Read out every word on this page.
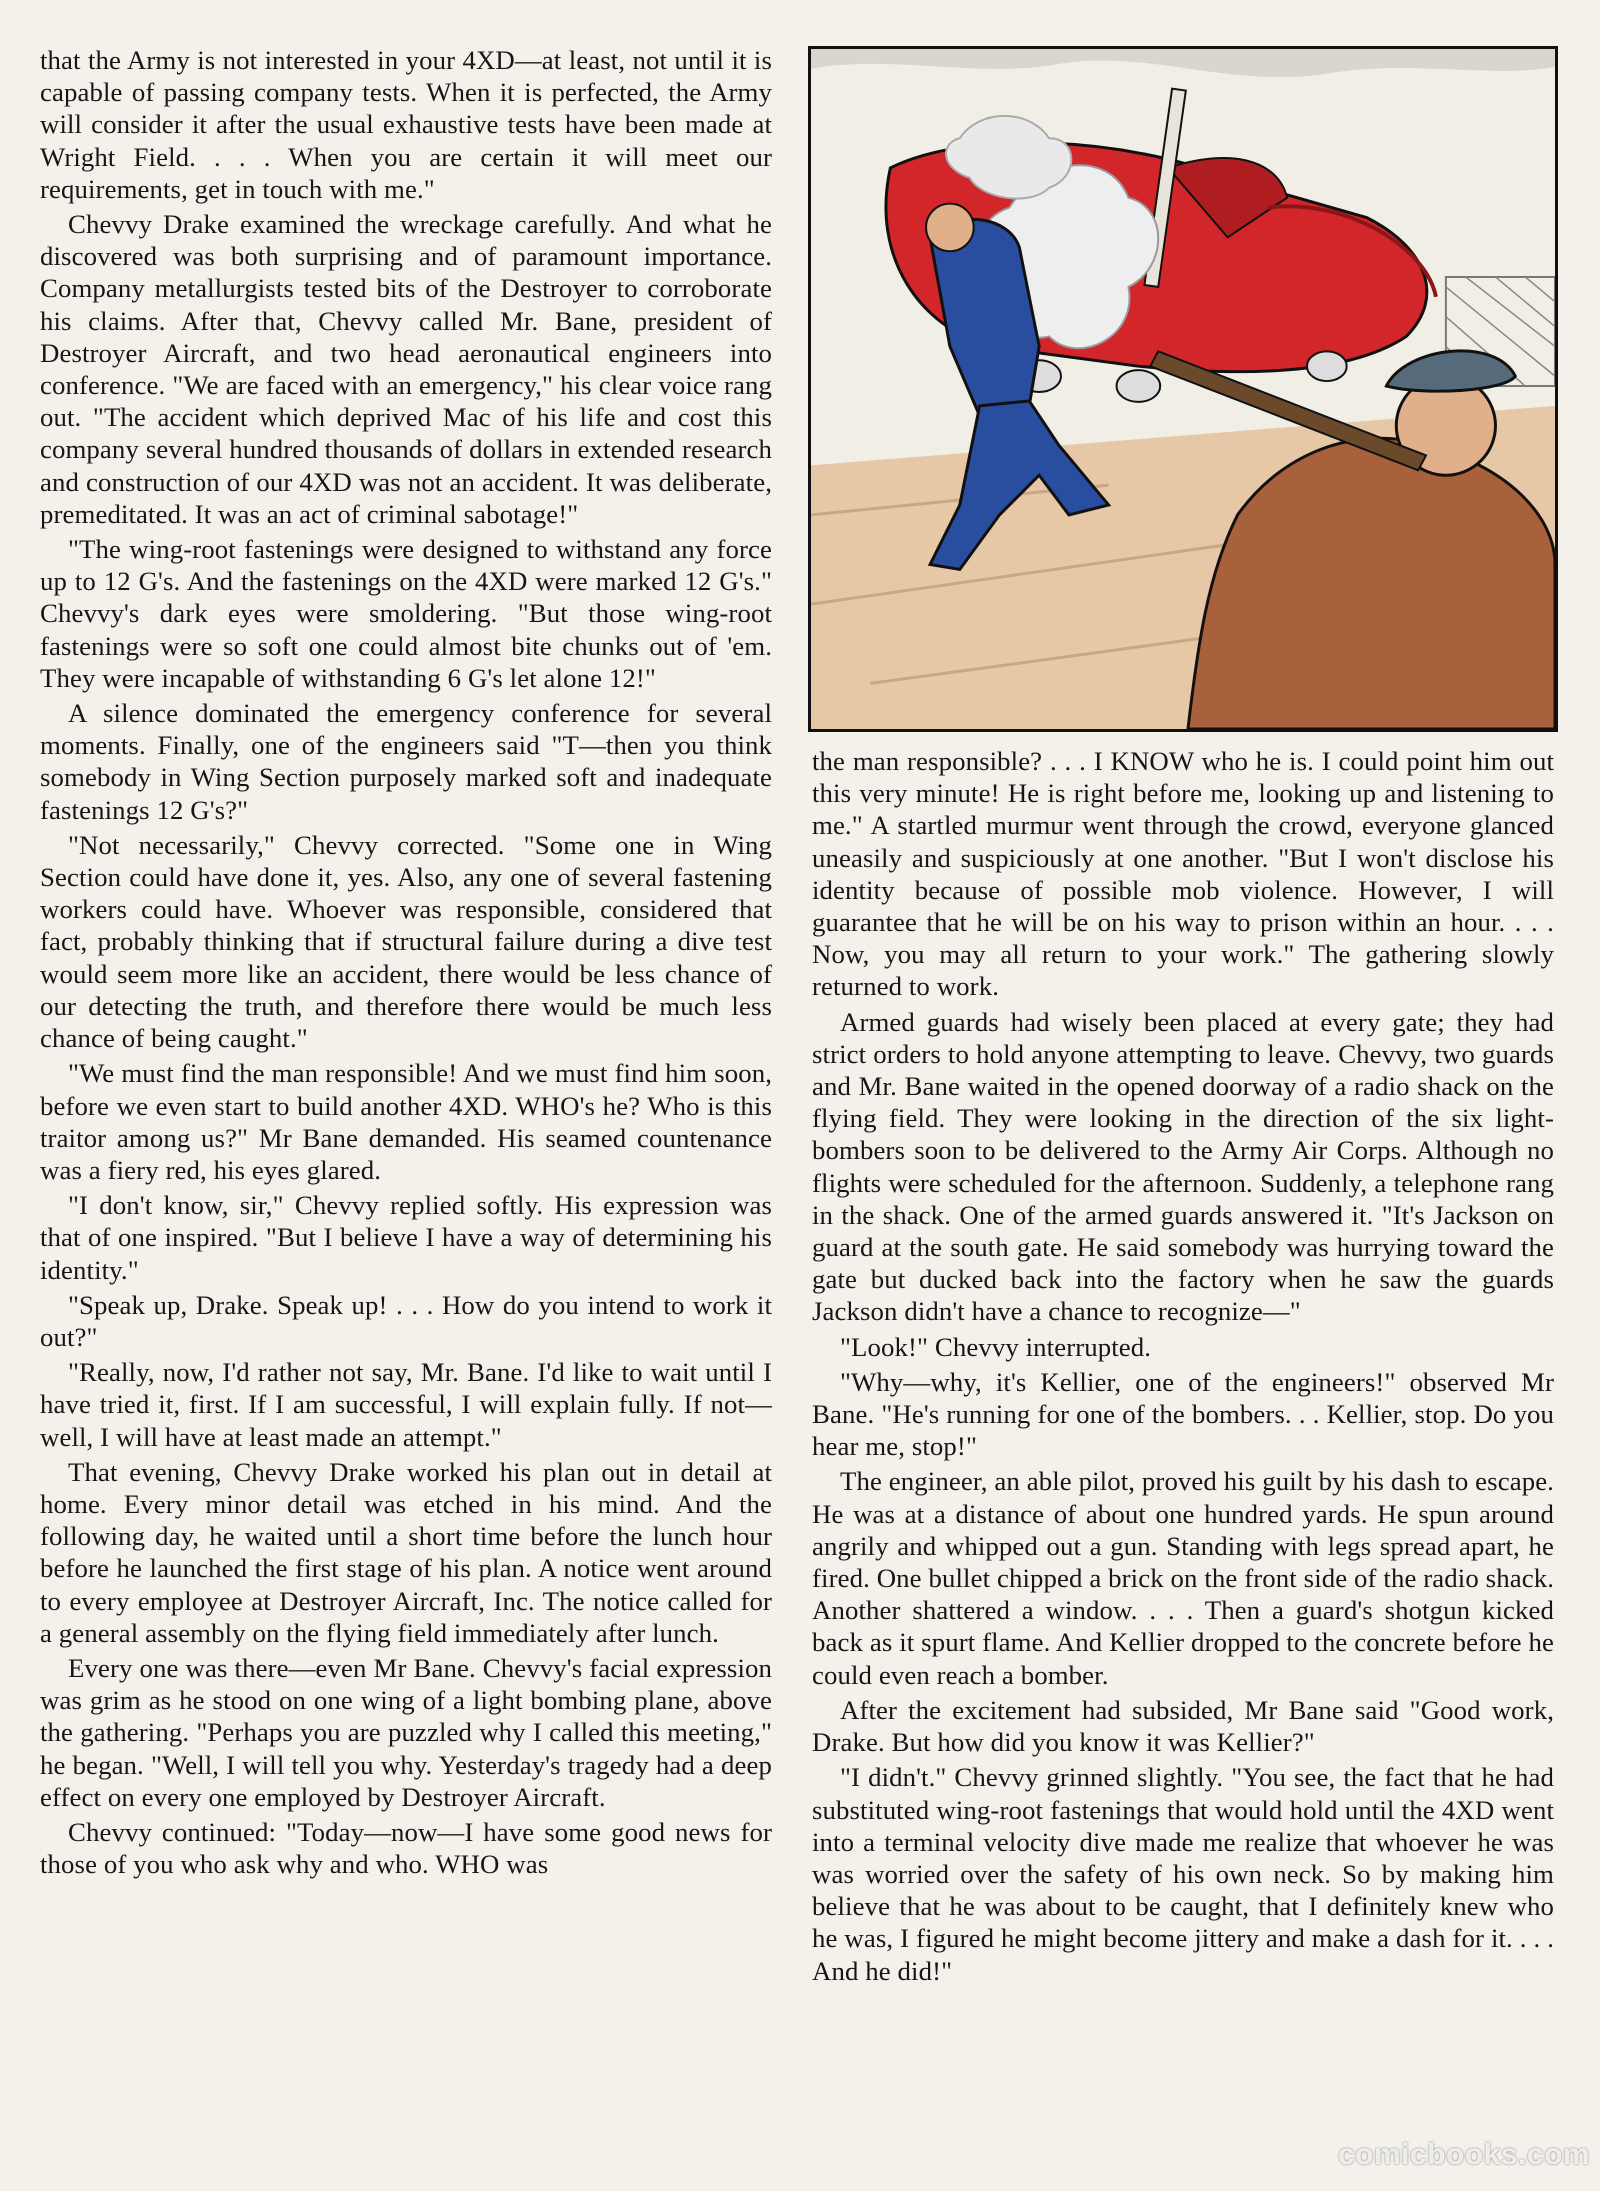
that the Army is not interested in your 4XD—at least, not until it is capable of passing company tests. When it is perfected, the Army will consider it after the usual exhaustive tests have been made at Wright Field. . . . When you are certain it will meet our requirements, get in touch with me."

Chevvy Drake examined the wreckage carefully. And what he discovered was both surprising and of paramount importance. Company metallurgists tested bits of the Destroyer to corroborate his claims. After that, Chevvy called Mr. Bane, president of Destroyer Aircraft, and two head aeronautical engineers into conference. "We are faced with an emergency," his clear voice rang out. "The accident which deprived Mac of his life and cost this company several hundred thousands of dollars in extended research and construction of our 4XD was not an accident. It was deliberate, premeditated. It was an act of criminal sabotage!"

"The wing-root fastenings were designed to withstand any force up to 12 G's. And the fastenings on the 4XD were marked 12 G's." Chevvy's dark eyes were smoldering. "But those wing-root fastenings were so soft one could almost bite chunks out of 'em. They were incapable of withstanding 6 G's let alone 12!"

A silence dominated the emergency conference for several moments. Finally, one of the engineers said "T—then you think somebody in Wing Section purposely marked soft and inadequate fastenings 12 G's?"

"Not necessarily," Chevvy corrected. "Some one in Wing Section could have done it, yes. Also, any one of several fastening workers could have. Whoever was responsible, considered that fact, probably thinking that if structural failure during a dive test would seem more like an accident, there would be less chance of our detecting the truth, and therefore there would be much less chance of being caught."

"We must find the man responsible! And we must find him soon, before we even start to build another 4XD. WHO's he? Who is this traitor among us?" Mr Bane demanded. His seamed countenance was a fiery red, his eyes glared.

"I don't know, sir," Chevvy replied softly. His expression was that of one inspired. "But I believe I have a way of determining his identity."

"Speak up, Drake. Speak up! . . . How do you intend to work it out?"

"Really, now, I'd rather not say, Mr. Bane. I'd like to wait until I have tried it, first. If I am successful, I will explain fully. If not—well, I will have at least made an attempt."

That evening, Chevvy Drake worked his plan out in detail at home. Every minor detail was etched in his mind. And the following day, he waited until a short time before the lunch hour before he launched the first stage of his plan. A notice went around to every employee at Destroyer Aircraft, Inc. The notice called for a general assembly on the flying field immediately after lunch.

Every one was there—even Mr Bane. Chevvy's facial expression was grim as he stood on one wing of a light bombing plane, above the gathering. "Perhaps you are puzzled why I called this meeting," he began. "Well, I will tell you why. Yesterday's tragedy had a deep effect on every one employed by Destroyer Aircraft.

Chevvy continued: "Today—now—I have some good news for those of you who ask why and who. WHO was

the man responsible? . . . I KNOW who he is. I could point him out this very minute! He is right before me, looking up and listening to me." A startled murmur went through the crowd, everyone glanced uneasily and suspiciously at one another. "But I won't disclose his identity because of possible mob violence. However, I will guarantee that he will be on his way to prison within an hour. . . . Now, you may all return to your work." The gathering slowly returned to work.

Armed guards had wisely been placed at every gate; they had strict orders to hold anyone attempting to leave. Chevvy, two guards and Mr. Bane waited in the opened doorway of a radio shack on the flying field. They were looking in the direction of the six light-bombers soon to be delivered to the Army Air Corps. Although no flights were scheduled for the afternoon. Suddenly, a telephone rang in the shack. One of the armed guards answered it. "It's Jackson on guard at the south gate. He said somebody was hurrying toward the gate but ducked back into the factory when he saw the guards Jackson didn't have a chance to recognize—"

"Look!" Chevvy interrupted.

"Why—why, it's Kellier, one of the engineers!" observed Mr Bane. "He's running for one of the bombers. . . Kellier, stop. Do you hear me, stop!"

The engineer, an able pilot, proved his guilt by his dash to escape. He was at a distance of about one hundred yards. He spun around angrily and whipped out a gun. Standing with legs spread apart, he fired. One bullet chipped a brick on the front side of the radio shack. Another shattered a window. . . . Then a guard's shotgun kicked back as it spurt flame. And Kellier dropped to the concrete before he could even reach a bomber.

After the excitement had subsided, Mr Bane said "Good work, Drake. But how did you know it was Kellier?"

"I didn't." Chevvy grinned slightly. "You see, the fact that he had substituted wing-root fastenings that would hold until the 4XD went into a terminal velocity dive made me realize that whoever he was was worried over the safety of his own neck. So by making him believe that he was about to be caught, that I definitely knew who he was, I figured he might become jittery and make a dash for it. . . . And he did!"

comicbooks.com
